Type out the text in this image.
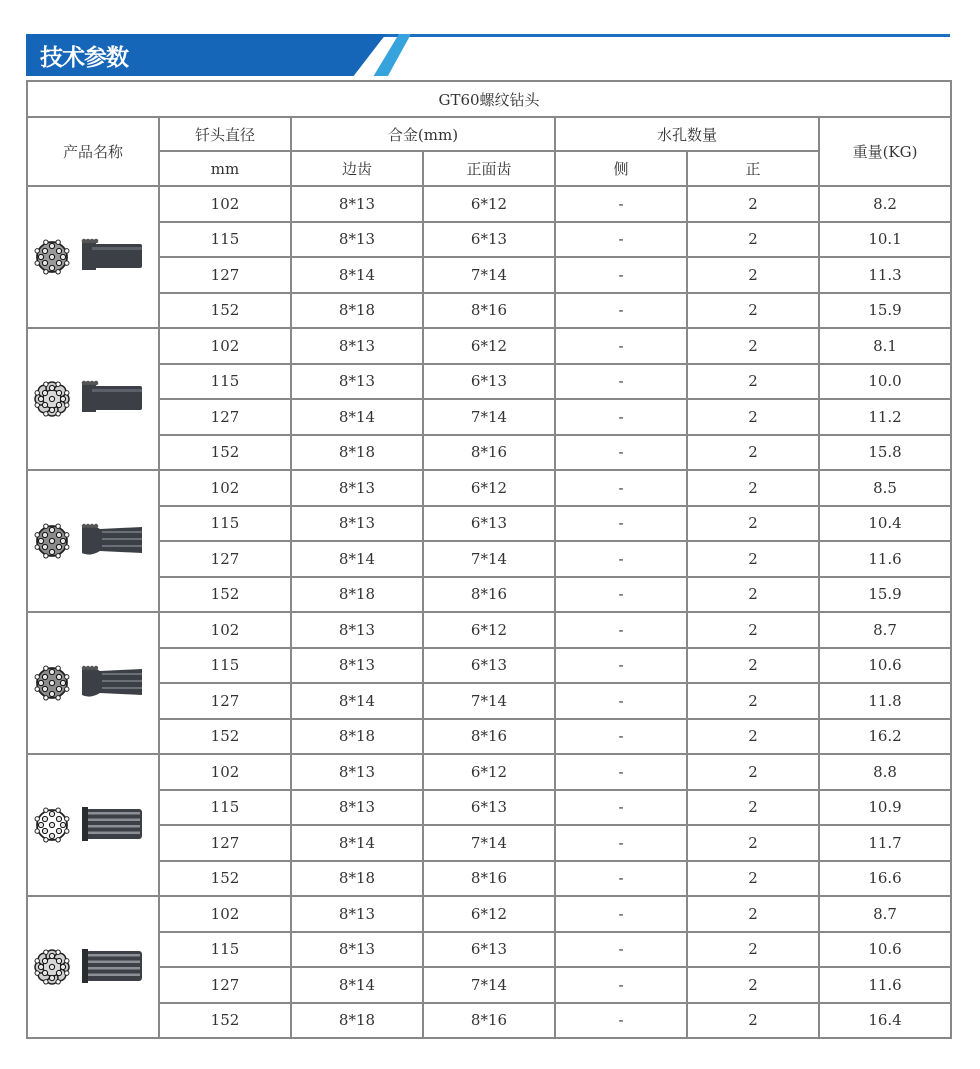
技术参数
GT60螺纹钻头						
产品名称	钎头直径	合金(mm)		水孔数量		重量(KG)
	mm	边齿	正面齿	侧	正	

	102	8*13	6*12	-	2	8.2
	115	8*13	6*13	-	2	10.1
	127	8*14	7*14	-	2	11.3
	152	8*18	8*16	-	2	15.9

	102	8*13	6*12	-	2	8.1
	115	8*13	6*13	-	2	10.0
	127	8*14	7*14	-	2	11.2
	152	8*18	8*16	-	2	15.8

	102	8*13	6*12	-	2	8.5
	115	8*13	6*13	-	2	10.4
	127	8*14	7*14	-	2	11.6
	152	8*18	8*16	-	2	15.9

	102	8*13	6*12	-	2	8.7
	115	8*13	6*13	-	2	10.6
	127	8*14	7*14	-	2	11.8
	152	8*18	8*16	-	2	16.2

	102	8*13	6*12	-	2	8.8
	115	8*13	6*13	-	2	10.9
	127	8*14	7*14	-	2	11.7
	152	8*18	8*16	-	2	16.6

	102	8*13	6*12	-	2	8.7
	115	8*13	6*13	-	2	10.6
	127	8*14	7*14	-	2	11.6
	152	8*18	8*16	-	2	16.4
